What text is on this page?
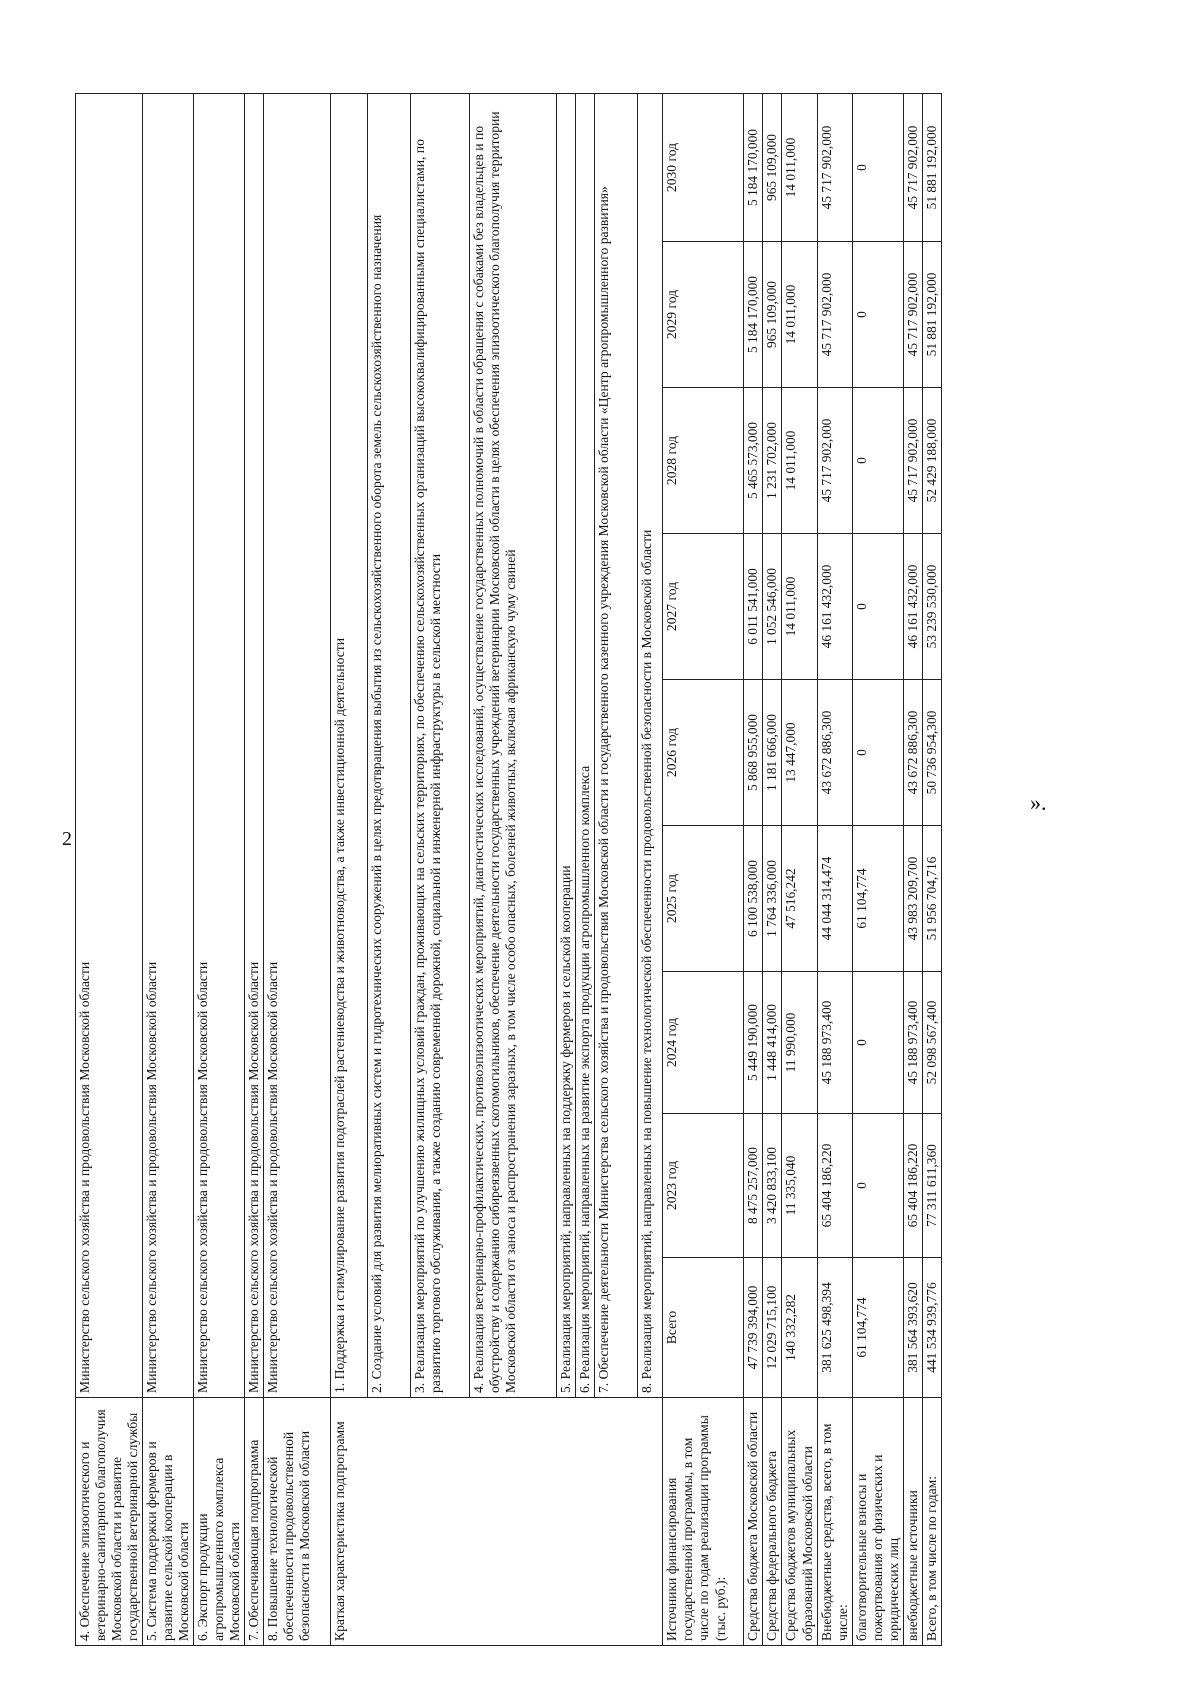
2
».
4. Обеспечение эпизоотического и ветеринарно-санитарного благополучия Московской области и развитие государственной ветеринарной службы	Министерство сельского хозяйства и продовольствия Московской области								
5. Система поддержки фермеров и развитие сельской кооперации в Московской области	Министерство сельского хозяйства и продовольствия Московской области								
6. Экспорт продукции агропромышленного комплекса Московской области	Министерство сельского хозяйства и продовольствия Московской области								
7. Обеспечивающая подпрограмма	Министерство сельского хозяйства и продовольствия Московской области								
8. Повышение технологической обеспеченности продовольственной безопасности в Московской области	Министерство сельского хозяйства и продовольствия Московской области								
Краткая характеристика подпрограмм	1. Поддержка и стимулирование развития подотраслей растениеводства и животноводства, а также инвестиционной деятельности								
	2. Создание условий для развития мелиоративных систем и гидротехнических сооружений в целях предотвращения выбытия из сельскохозяйственного оборота земель сельскохозяйственного назначения								
	3. Реализация мероприятий по улучшению жилищных условий граждан, проживающих на сельских территориях, по обеспечению сельскохозяйственных организаций высококвалифицированными специалистами, по развитию торгового обслуживания, а также созданию современной дорожной, социальной и инженерной инфраструктуры в сельской местности								
	4. Реализация ветеринарно-профилактических, противоэпизоотических мероприятий, диагностических исследований, осуществление государственных полномочий в области обращения с собаками без владельцев и по обустройству и содержанию сибиреязвенных скотомогильников, обеспечение деятельности государственных учреждений ветеринарии Московской области в целях обеспечения эпизоотического благополучия территории Московской области от заноса и распространения заразных, в том числе особо опасных, болезней животных, включая африканскую чуму свиней								
	5. Реализация мероприятий, направленных на поддержку фермеров и сельской кооперации								
	6. Реализация мероприятий, направленных на развитие экспорта продукции агропромышленного комплекса								
	7. Обеспечение деятельности Министерства сельского хозяйства и продовольствия Московской области и государственного казенного учреждения Московской области «Центр агропромышленного развития»								
	8. Реализация мероприятий, направленных на повышение технологической обеспеченности продовольственной безопасности в Московской области								
Источники финансирования государственной программы, в том числе по годам реализации программы (тыс. руб.):	Всего	2023 год	2024 год	2025 год	2026 год	2027 год	2028 год	2029 год	2030 год
Средства бюджета Московской области	47 739 394,000	8 475 257,000	5 449 190,000	6 100 538,000	5 868 955,000	6 011 541,000	5 465 573,000	5 184 170,000	5 184 170,000
Средства федерального бюджета	12 029 715,100	3 420 833,100	1 448 414,000	1 764 336,000	1 181 666,000	1 052 546,000	1 231 702,000	965 109,000	965 109,000
Средства бюджетов муниципальных образований Московской области	140 332,282	11 335,040	11 990,000	47 516,242	13 447,000	14 011,000	14 011,000	14 011,000	14 011,000
Внебюджетные средства, всего, в том числе:	381 625 498,394	65 404 186,220	45 188 973,400	44 044 314,474	43 672 886,300	46 161 432,000	45 717 902,000	45 717 902,000	45 717 902,000
благотворительные взносы и пожертвования от физических и юридических лиц	61 104,774	0	0	61 104,774	0	0	0	0	0
внебюджетные источники	381 564 393,620	65 404 186,220	45 188 973,400	43 983 209,700	43 672 886,300	46 161 432,000	45 717 902,000	45 717 902,000	45 717 902,000
Всего, в том числе по годам:	441 534 939,776	77 311 611,360	52 098 567,400	51 956 704,716	50 736 954,300	53 239 530,000	52 429 188,000	51 881 192,000	51 881 192,000
